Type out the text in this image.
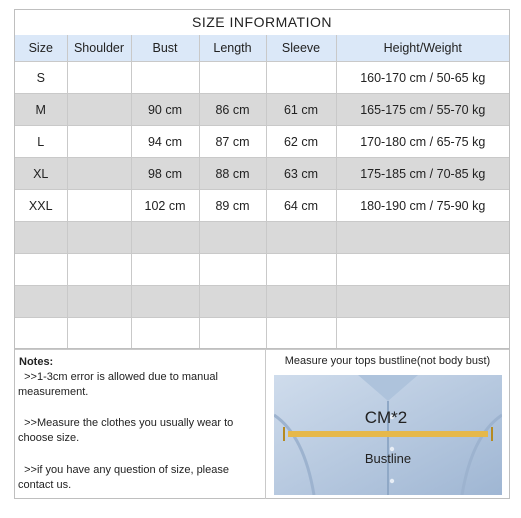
SIZE INFORMATION
Size	Shoulder	Bust	Length	Sleeve	Height/Weight
S					160-170 cm / 50-65 kg
M		90 cm	86 cm	61 cm	165-175 cm / 55-70 kg
L		94 cm	87 cm	62 cm	170-180 cm / 65-75 kg
XL		98 cm	88 cm	63 cm	175-185 cm / 70-85 kg
XXL		102 cm	89 cm	64 cm	180-190 cm / 75-90 kg

Notes:

>>1-3cm error is allowed due to manual measurement.

>>Measure the clothes you usually wear to choose size.

>>if you have any question of size, please contact us.

Measure your tops bustline(not body bust)
CM*2
Bustline
